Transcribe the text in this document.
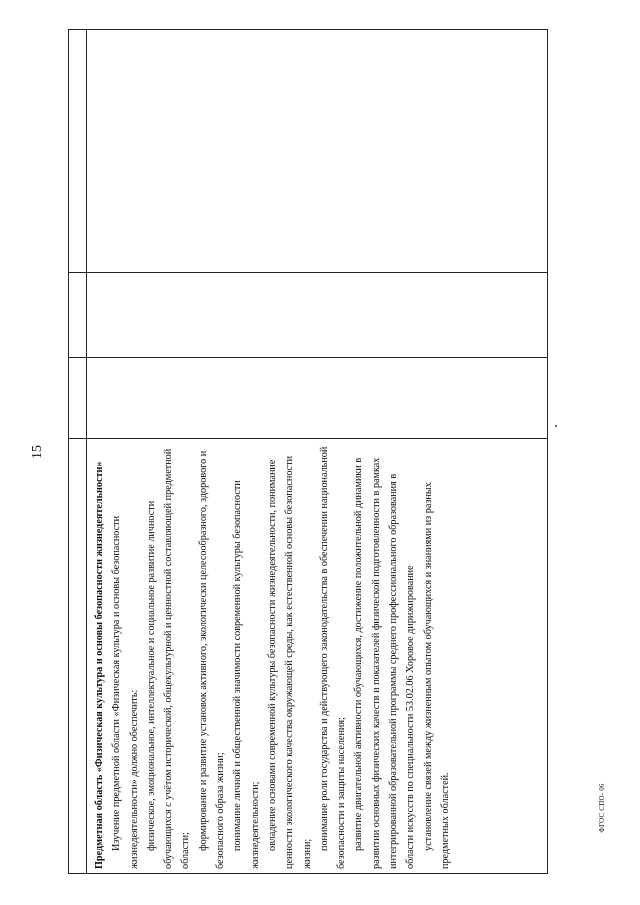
15

Предметная область «Физическая культура и основы безопасности жизнедеятельности» Изучение предметной области «Физическая культура и основы безопасности жизнедеятельности» должно обеспечить: физическое, эмоциональное, интеллектуальное и социальное развитие личности обучающихся с учётом исторической, общекультурной и ценностной составляющей предметной области; формирование и развитие установок активного, экологически целесообразного, здорового и безопасного образа жизни; понимание личной и общественной значимости современной культуры безопасности жизнедеятельности; овладение основами современной культуры безопасности жизнедеятельности, понимание ценности экологического качества окружающей среды, как естественной основы безопасности жизни;

понимание роли государства и действующего законодательства в обеспечении национальной безопасности и защиты населения; развитие двигательной активности обучающихся, достижение положительной динамики в развитии основных физических качеств и показателей физической подготовленности в рамках интегрированной образовательной программы среднего профессионального образования в области искусств по специальности 53.02.06 Хоровое дирижирование установление связей между жизненным опытом обучающихся и знаниями из разных предметных областей.	ФГОС СПО- 06
